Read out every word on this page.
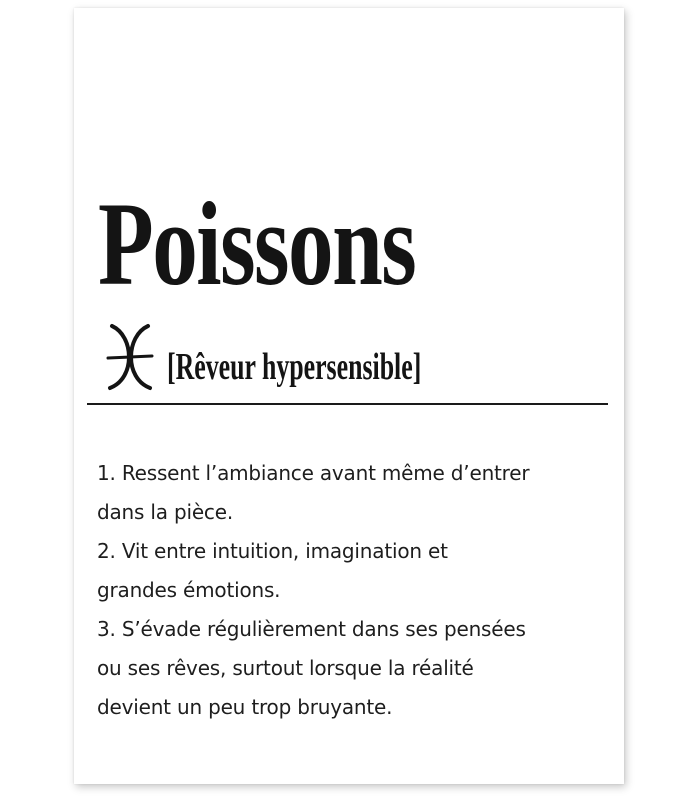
Poissons
[Rêveur hypersensible]
1. Ressent l’ambiance avant même d’entrer
dans la pièce.
2. Vit entre intuition, imagination et
grandes émotions.
3. S’évade régulièrement dans ses pensées
ou ses rêves, surtout lorsque la réalité
devient un peu trop bruyante.
